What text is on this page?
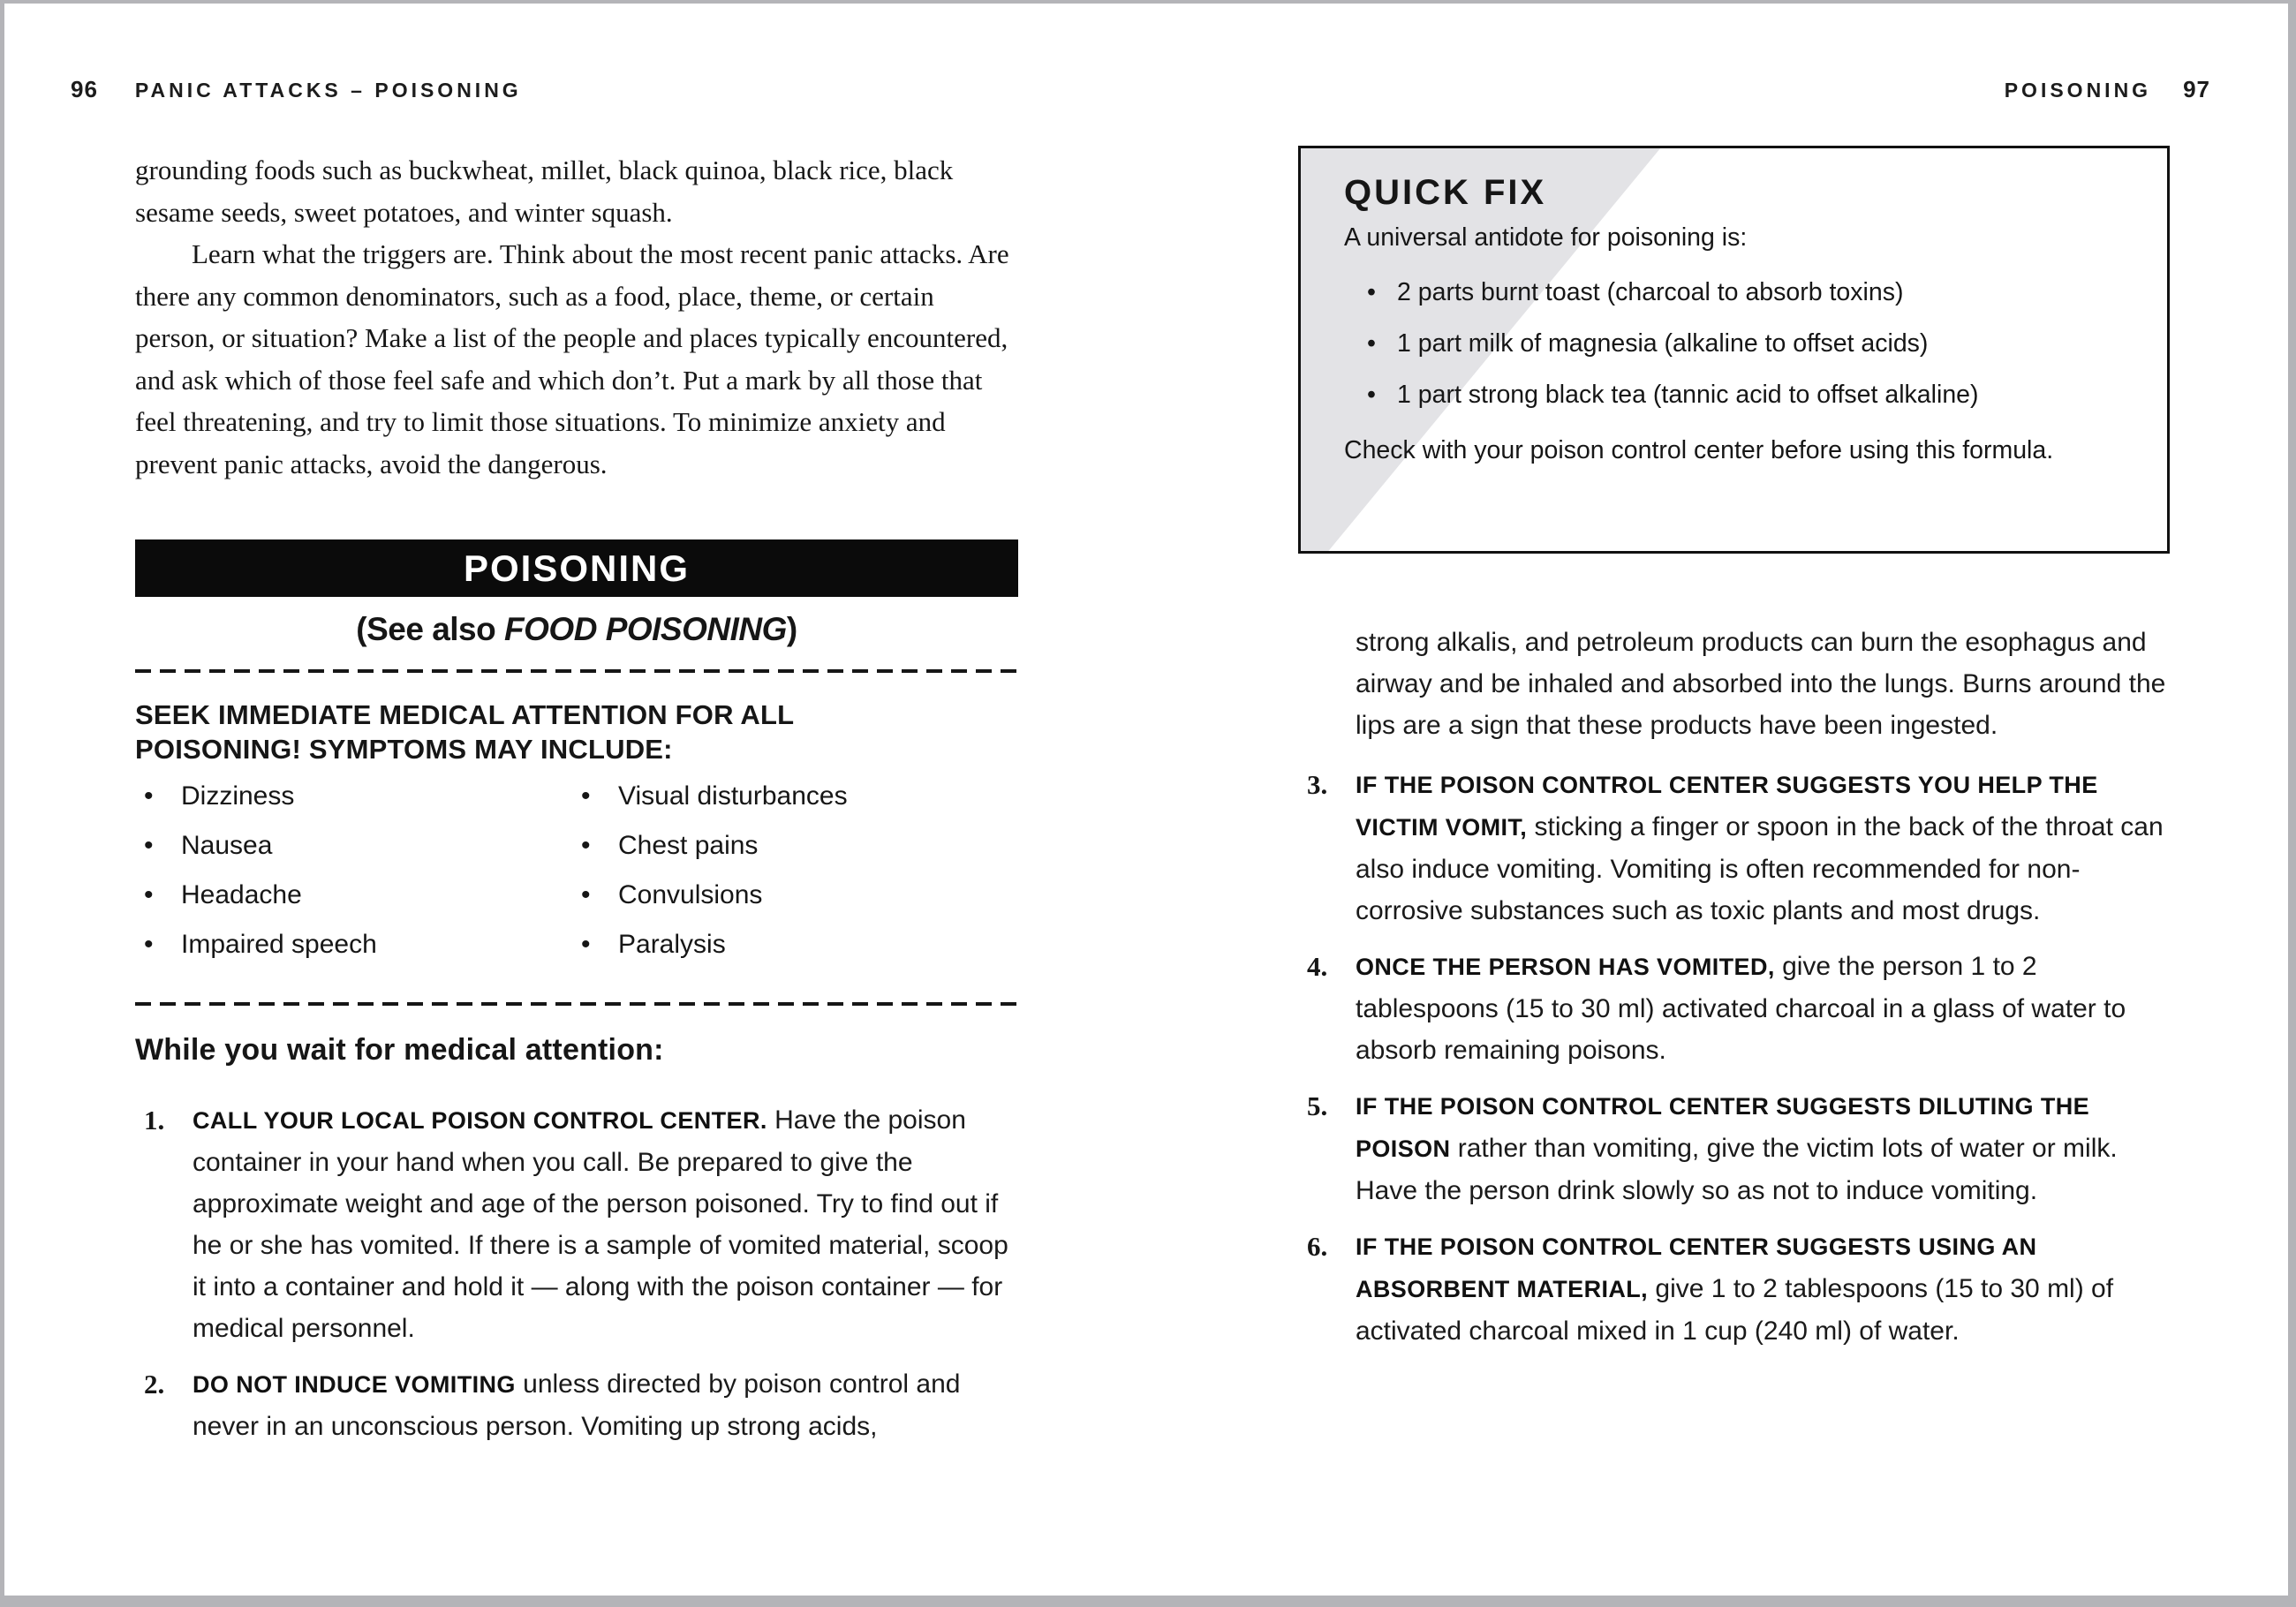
96 PANIC ATTACKS – POISONING	POISONING 97

grounding foods such as buckwheat, millet, black quinoa, black rice, black sesame seeds, sweet potatoes, and winter squash.

Learn what the triggers are. Think about the most recent panic attacks. Are there any common denominators, such as a food, place, theme, or certain person, or situation? Make a list of the people and places typically encountered, and ask which of those feel safe and which don’t. Put a mark by all those that feel threatening, and try to limit those situations. To minimize anxiety and prevent panic attacks, avoid the dangerous.

POISONING
(See also FOOD POISONING)
SEEK IMMEDIATE MEDICAL ATTENTION FOR ALL
POISONING! SYMPTOMS MAY INCLUDE:
•	Dizziness
•	Nausea
•	Headache
•	Impaired speech
•	Visual disturbances
•	Chest pains
•	Convulsions
•	Paralysis
While you wait for medical attention:
1.	CALL YOUR LOCAL POISON CONTROL CENTER. Have the poison container in your hand when you call. Be prepared to give the approximate weight and age of the person poisoned. Try to find out if he or she has vomited. If there is a sample of vomited material, scoop it into a container and hold it — along with the poison container — for medical personnel.
2.	DO NOT INDUCE VOMITING unless directed by poison control and never in an unconscious person. Vomiting up strong acids,
QUICK FIX
A universal antidote for poisoning is:
• 2 parts burnt toast (charcoal to absorb toxins)
• 1 part milk of magnesia (alkaline to offset acids)
• 1 part strong black tea (tannic acid to offset alkaline)
Check with your poison control center before using this formula.
strong alkalis, and petroleum products can burn the esophagus and airway and be inhaled and absorbed into the lungs. Burns around the lips are a sign that these products have been ingested.
3.	IF THE POISON CONTROL CENTER SUGGESTS YOU HELP THE VICTIM VOMIT, sticking a finger or spoon in the back of the throat can also induce vomiting. Vomiting is often recommended for non-corrosive substances such as toxic plants and most drugs.
4.	ONCE THE PERSON HAS VOMITED, give the person 1 to 2 tablespoons (15 to 30 ml) activated charcoal in a glass of water to absorb remaining poisons.
5.	IF THE POISON CONTROL CENTER SUGGESTS DILUTING THE POISON rather than vomiting, give the victim lots of water or milk. Have the person drink slowly so as not to induce vomiting.
6.	IF THE POISON CONTROL CENTER SUGGESTS USING AN ABSORBENT MATERIAL, give 1 to 2 tablespoons (15 to 30 ml) of activated charcoal mixed in 1 cup (240 ml) of water.
